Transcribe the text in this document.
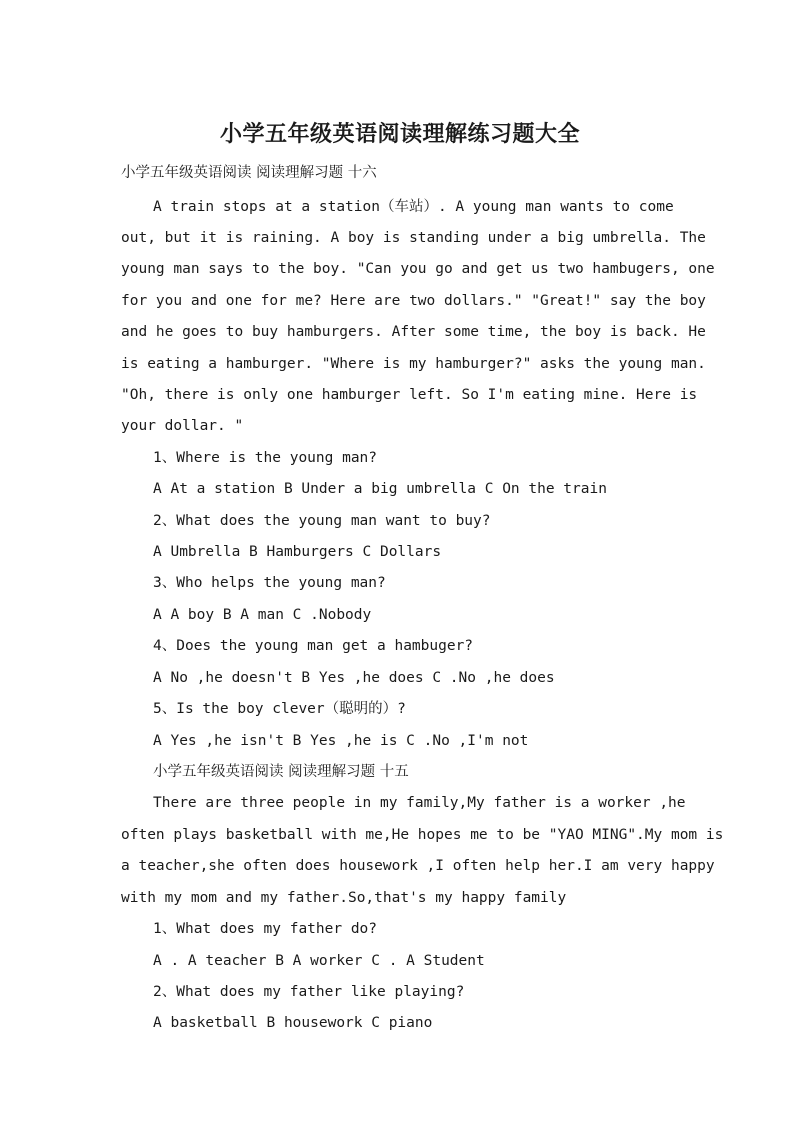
小学五年级英语阅读理解练习题大全
小学五年级英语阅读 阅读理解习题 十六
A train stops at a station（车站）. A young man wants to come
out, but it is raining. A boy is standing under a big umbrella. The
young man says to the boy. "Can you go and get us two hambugers, one
for you and one for me? Here are two dollars." "Great!" say the boy
and he goes to buy hamburgers. After some time, the boy is back. He
is eating a hamburger. "Where is my hamburger?" asks the young man.
"Oh, there is only one hamburger left. So I'm eating mine. Here is
your dollar. "
1、Where is the young man?
A At a station B Under a big umbrella C On the train
2、What does the young man want to buy?
A Umbrella B Hamburgers C Dollars
3、Who helps the young man?
A A boy B A man C .Nobody
4、Does the young man get a hambuger?
A No ,he doesn't B Yes ,he does C .No ,he does
5、Is the boy clever（聪明的）?
A Yes ,he isn't B Yes ,he is C .No ,I'm not
小学五年级英语阅读 阅读理解习题 十五
There are three people in my family,My father is a worker ,he
often plays basketball with me,He hopes me to be "YAO MING".My mom is
a teacher,she often does housework ,I often help her.I am very happy
with my mom and my father.So,that's my happy family
1、What does my father do?
A . A teacher B A worker C . A Student
2、What does my father like playing?
A basketball B housework C piano
